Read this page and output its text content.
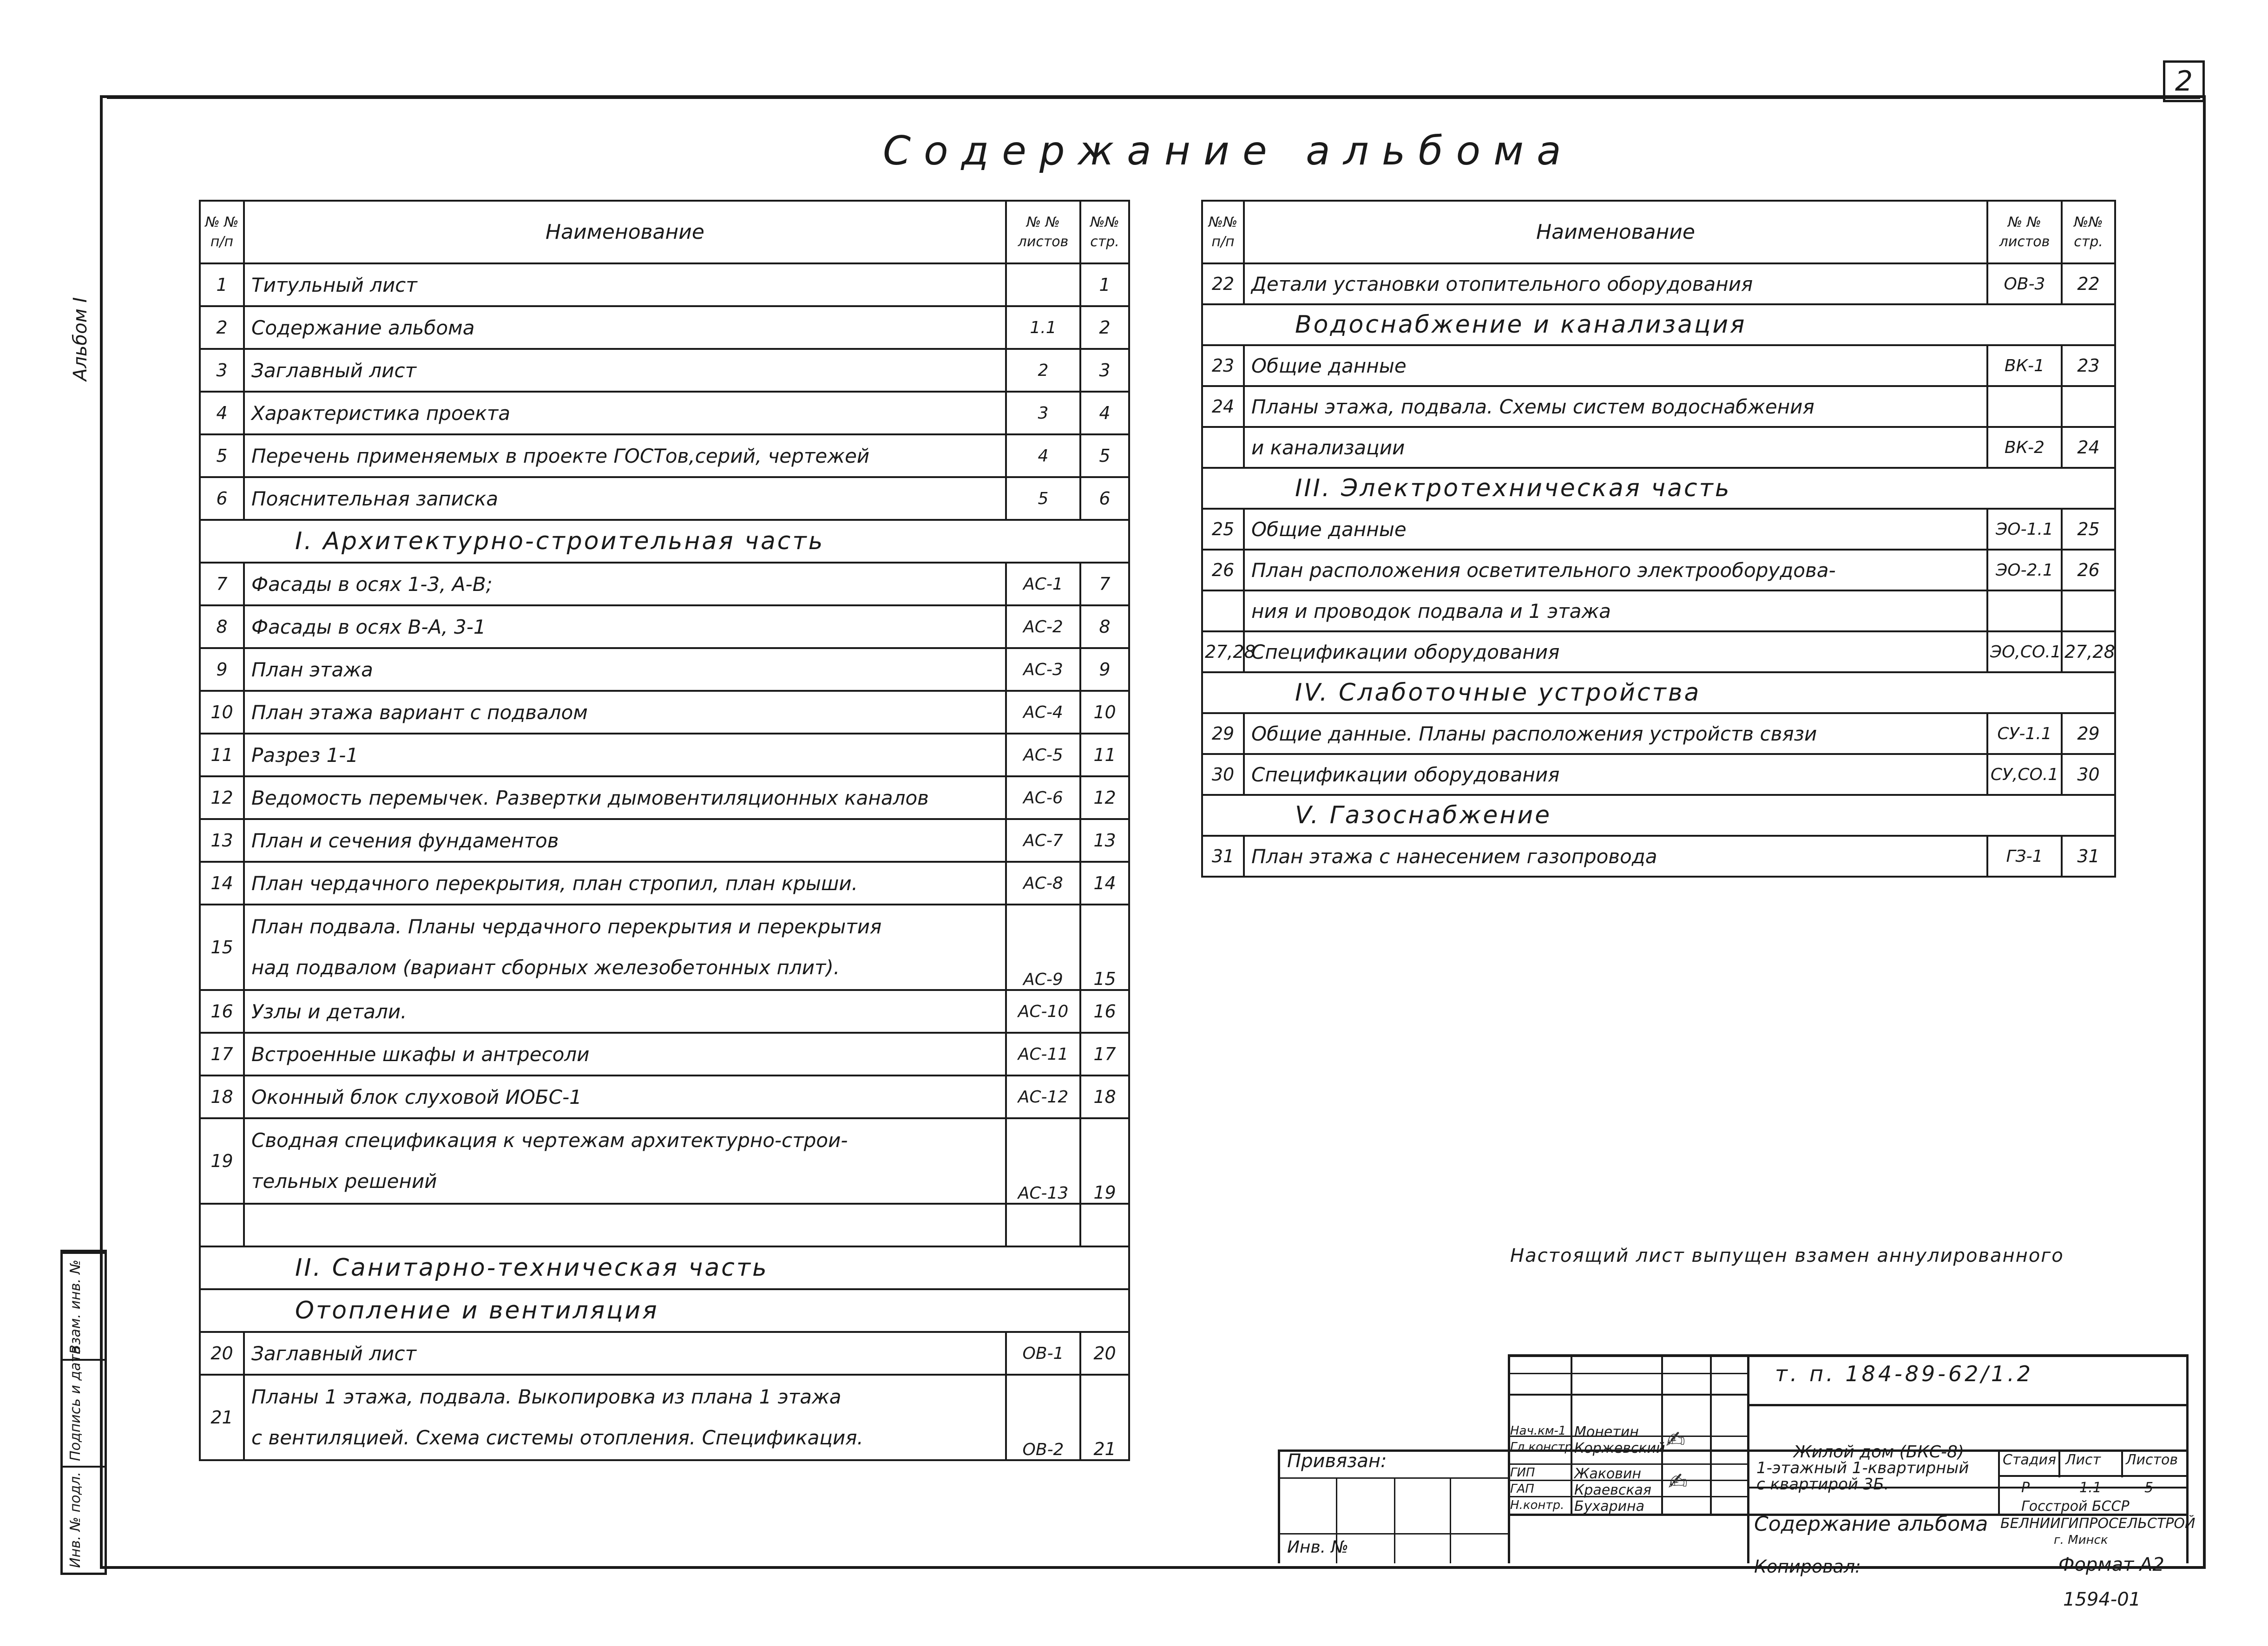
2
Содержание альбома
Альбом I
№ № п/п	Наименование	№ № листов	№№ стр.
1	Титульный лист		1
2	Содержание альбома	1.1	2
3	Заглавный лист	2	3
4	Характеристика проекта	3	4
5	Перечень применяемых в проекте ГОСТов,серий, чертежей	4	5
6	Пояснительная записка	5	6
	I. Архитектурно-строительная часть		
7	Фасады в осях 1-3, А-В;	АС-1	7
8	Фасады в осях В-А, 3-1	АС-2	8
9	План этажа	АС-3	9
10	План этажа вариант с подвалом	АС-4	10
11	Разрез 1-1	АС-5	11
12	Ведомость перемычек. Развертки дымовентиляционных каналов	АС-6	12
13	План и сечения фундаментов	АС-7	13
14	План чердачного перекрытия, план стропил, план крыши.	АС-8	14
15	План подвала. Планы чердачного перекрытия и перекрытия
над подвалом (вариант сборных железобетонных плит).	АС-9	15
16	Узлы и детали.	АС-10	16
17	Встроенные шкафы и антресоли	АС-11	17
18	Оконный блок слуховой ИОБС-1	АС-12	18
19	Сводная спецификация к чертежам архитектурно-строи-
тельных решений	АС-13	19

	II. Санитарно-техническая часть		
	Отопление и вентиляция		
20	Заглавный лист	ОВ-1	20
21	Планы 1 этажа, подвала. Выкопировка из плана 1 этажа
с вентиляцией. Схема системы отопления. Спецификация.	ОВ-2	21
№№ п/п	Наименование	№ № листов	№№ стр.
22	Детали установки отопительного оборудования	ОВ-3	22
	Водоснабжение и канализация		
23	Общие данные	ВК-1	23
24	Планы этажа, подвала. Схемы систем водоснабжения		
	и канализации	ВК-2	24
	III. Электротехническая часть		
25	Общие данные	ЭО-1.1	25
26	План расположения осветительного электрооборудова-	ЭО-2.1	26
	ния и проводок подвала и 1 этажа		
27,28	Спецификации оборудования	ЭО,СО.1	27,28
	IV. Слаботочные устройства		
29	Общие данные. Планы расположения устройств связи	СУ-1.1	29
30	Спецификации оборудования	СУ,СО.1	30
	V. Газоснабжение		
31	План этажа с нанесением газопровода	ГЗ-1	31
Инв. № подл.
Подпись и дата
Взам. инв. №
Настоящий лист выпущен взамен аннулированного
т. п. 184-89-62/1.2
Привязан:
Инв. №
Нач.км-1
Гл.констр.
ГИП
ГАП
Н.контр.
Монетин
Коржевский
Жаковин
Краевская
Бухарина
✍
✍
Жилой дом (БКС-8)
1-этажный 1-квартирный
с квартирой 3Б.
Содержание альбома
Стадия Лист Листов
Р	1.1	5
Госстрой БССР
БЕЛНИИГИПРОСЕЛЬСТРОЙ
г. Минск
Копировал:	Формат А2
1594-01
